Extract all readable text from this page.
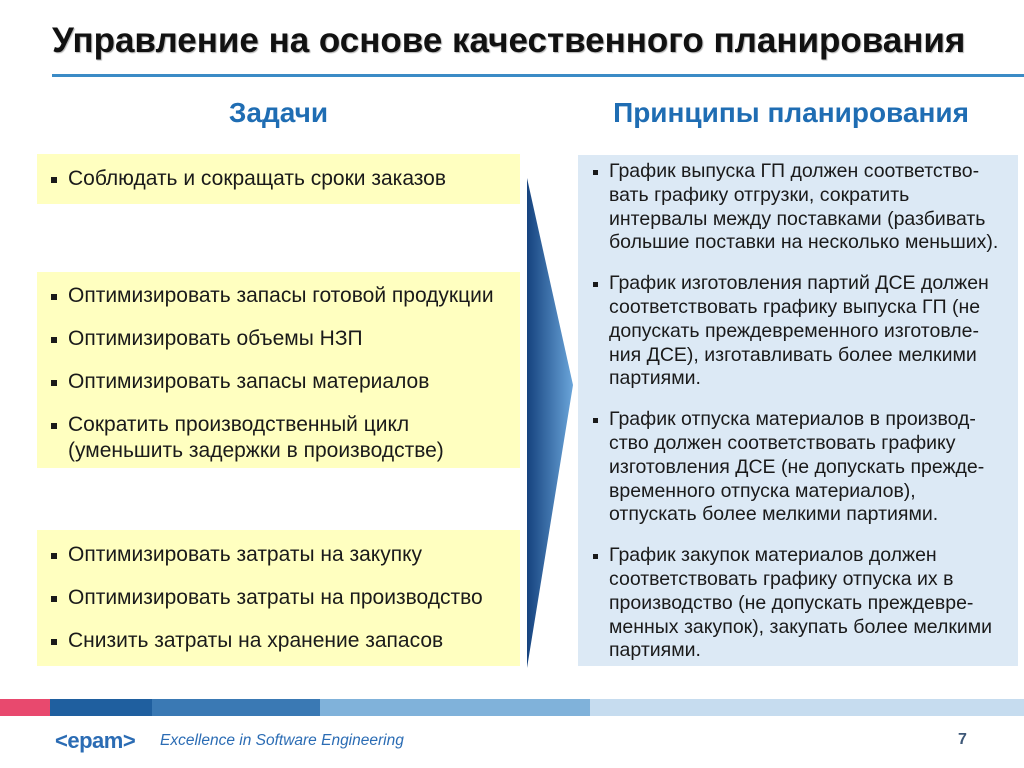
Управление на основе качественного планирования
Задачи	Принципы планирования
Соблюдать и сокращать сроки заказов
Оптимизировать запасы готовой продукции
Оптимизировать объемы НЗП
Оптимизировать запасы материалов
Сократить производственный цикл
(уменьшить задержки в производстве)
Оптимизировать затраты на закупку
Оптимизировать затраты на производство
Снизить затраты на хранение запасов
График выпуска ГП должен соответство-
вать графику отгрузки, сократить
интервалы между поставками (разбивать
большие поставки на несколько меньших).
График изготовления партий ДСЕ должен
соответствовать графику выпуска ГП (не
допускать преждевременного изготовле-
ния ДСЕ), изготавливать более мелкими
партиями.
График отпуска материалов в производ-
ство должен соответствовать графику
изготовления ДСЕ (не допускать прежде-
временного отпуска материалов),
отпускать более мелкими партиями.
График закупок материалов должен
соответствовать графику отпуска их в
производство (не допускать преждевре-
менных закупок), закупать более мелкими
партиями.
<epam> Excellence in Software Engineering	7
